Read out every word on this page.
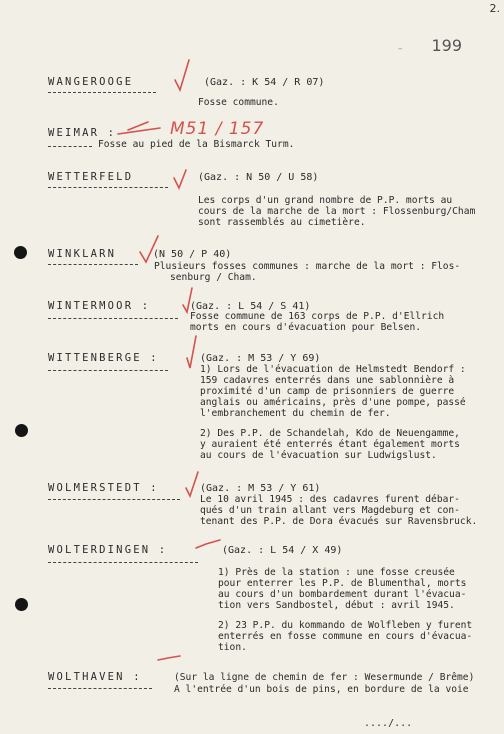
2.
199
–
WANGEROOGE	(Gaz. : K 54 / R 07)
Fosse commune.
WEIMAR :
Fosse au pied de la Bismarck Turm.
M51 / 157
WETTERFELD	(Gaz. : N 50 / U 58)
Les corps d'un grand nombre de P.P. morts au
cours de la marche de la mort : Flossenburg/Cham
sont rassemblés au cimetière.
WINKLARN	(N 50 / P 40)
Plusieurs fosses communes : marche de la mort : Flos-
senburg / Cham.
WINTERMOOR :	(Gaz. : L 54 / S 41)
Fosse commune de 163 corps de P.P. d'Ellrich
morts en cours d'évacuation pour Belsen.
WITTENBERGE :	(Gaz. : M 53 / Y 69)
1) Lors de l'évacuation de Helmstedt Bendorf :
159 cadavres enterrés dans une sablonnière à
proximité d'un camp de prisonniers de guerre
anglais ou américains, près d'une pompe, passé
l'embranchement du chemin de fer.
2) Des P.P. de Schandelah, Kdo de Neuengamme,
y auraient été enterrés étant également morts
au cours de l'évacuation sur Ludwigslust.
WOLMERSTEDT :	(Gaz. : M 53 / Y 61)
Le 10 avril 1945 : des cadavres furent débar-
qués d'un train allant vers Magdeburg et con-
tenant des P.P. de Dora évacués sur Ravensbruck.
WOLTERDINGEN :	(Gaz. : L 54 / X 49)
1) Près de la station : une fosse creusée
pour enterrer les P.P. de Blumenthal, morts
au cours d'un bombardement durant l'évacua-
tion vers Sandbostel, début : avril 1945.
2) 23 P.P. du kommando de Wolfleben y furent
enterrés en fosse commune en cours d'évacua-
tion.
WOLTHAVEN :	(Sur la ligne de chemin de fer : Wesermunde / Brême)
A l'entrée d'un bois de pins, en bordure de la voie
..../...
